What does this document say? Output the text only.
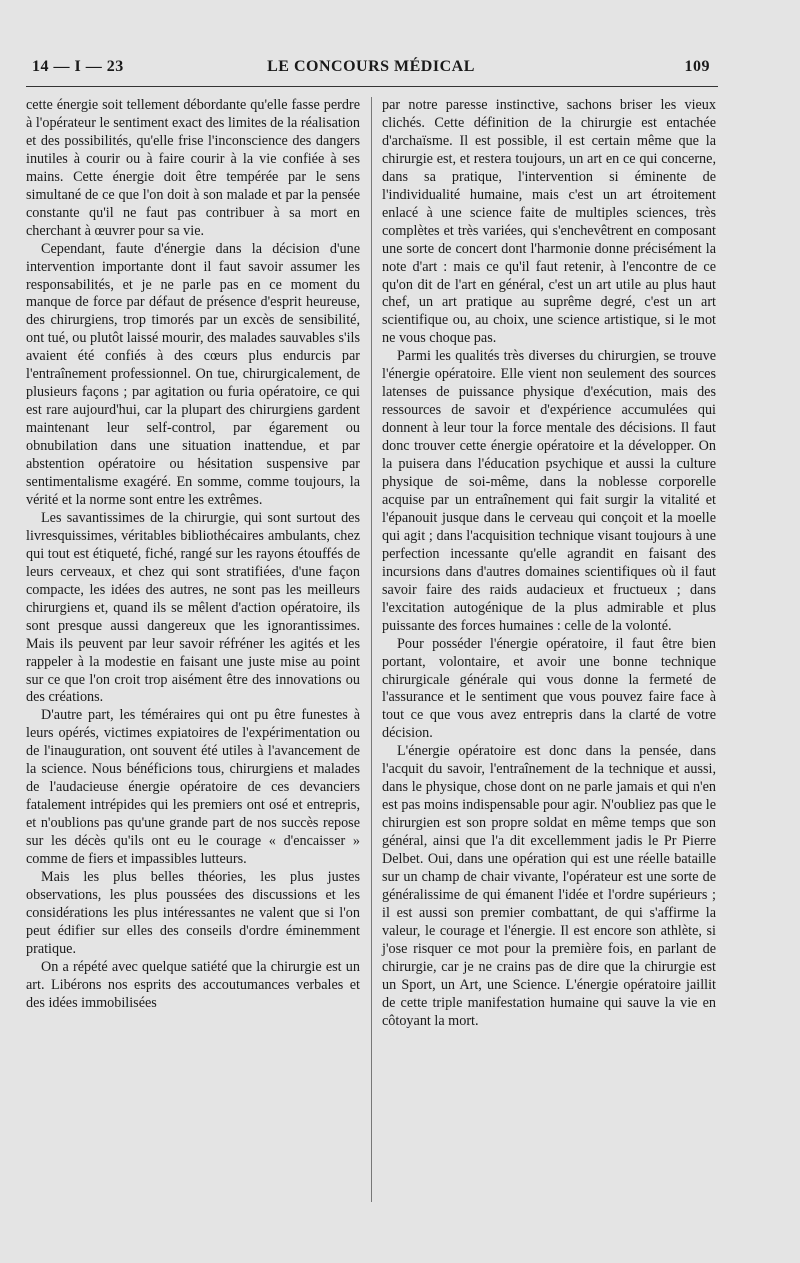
14 — I — 23	LE CONCOURS MÉDICAL	109

cette énergie soit tellement débordante qu'elle fasse perdre à l'opérateur le sentiment exact des limites de la réalisation et des possibilités, qu'elle frise l'inconscience des dangers inutiles à courir ou à faire courir à la vie confiée à ses mains. Cette énergie doit être tempérée par le sens simultané de ce que l'on doit à son malade et par la pensée constante qu'il ne faut pas contribuer à sa mort en cherchant à œuvrer pour sa vie.

Cependant, faute d'énergie dans la décision d'une intervention importante dont il faut savoir assumer les responsabilités, et je ne parle pas en ce moment du manque de force par défaut de présence d'esprit heureuse, des chirurgiens, trop timorés par un excès de sensibilité, ont tué, ou plutôt laissé mourir, des malades sauvables s'ils avaient été confiés à des cœurs plus endurcis par l'entraînement professionnel. On tue, chirurgicalement, de plusieurs façons ; par agitation ou furia opératoire, ce qui est rare aujourd'hui, car la plupart des chirurgiens gardent maintenant leur self-control, par égarement ou obnubilation dans une situation inattendue, et par abstention opératoire ou hésitation suspensive par sentimentalisme exagéré. En somme, comme toujours, la vérité et la norme sont entre les extrêmes.

Les savantissimes de la chirurgie, qui sont surtout des livresquissimes, véritables bibliothécaires ambulants, chez qui tout est étiqueté, fiché, rangé sur les rayons étouffés de leurs cerveaux, et chez qui sont stratifiées, d'une façon compacte, les idées des autres, ne sont pas les meilleurs chirurgiens et, quand ils se mêlent d'action opératoire, ils sont presque aussi dangereux que les ignorantissimes. Mais ils peuvent par leur savoir réfréner les agités et les rappeler à la modestie en faisant une juste mise au point sur ce que l'on croit trop aisément être des innovations ou des créations.

D'autre part, les téméraires qui ont pu être funestes à leurs opérés, victimes expiatoires de l'expérimentation ou de l'inauguration, ont souvent été utiles à l'avancement de la science. Nous bénéficions tous, chirurgiens et malades de l'audacieuse énergie opératoire de ces devanciers fatalement intrépides qui les premiers ont osé et entrepris, et n'oublions pas qu'une grande part de nos succès repose sur les décès qu'ils ont eu le courage « d'encaisser » comme de fiers et impassibles lutteurs.

Mais les plus belles théories, les plus justes observations, les plus poussées des discussions et les considérations les plus intéressantes ne valent que si l'on peut édifier sur elles des conseils d'ordre éminemment pratique.

On a répété avec quelque satiété que la chirurgie est un art. Libérons nos esprits des accoutumances verbales et des idées immobilisées

par notre paresse instinctive, sachons briser les vieux clichés. Cette définition de la chirurgie est entachée d'archaïsme. Il est possible, il est certain même que la chirurgie est, et restera toujours, un art en ce qui concerne, dans sa pratique, l'intervention si éminente de l'individualité humaine, mais c'est un art étroitement enlacé à une science faite de multiples sciences, très complètes et très variées, qui s'enchevêtrent en composant une sorte de concert dont l'harmonie donne précisément la note d'art : mais ce qu'il faut retenir, à l'encontre de ce qu'on dit de l'art en général, c'est un art utile au plus haut chef, un art pratique au suprême degré, c'est un art scientifique ou, au choix, une science artistique, si le mot ne vous choque pas.

Parmi les qualités très diverses du chirurgien, se trouve l'énergie opératoire. Elle vient non seulement des sources latenses de puissance physique d'exécution, mais des ressources de savoir et d'expérience accumulées qui donnent à leur tour la force mentale des décisions. Il faut donc trouver cette énergie opératoire et la développer. On la puisera dans l'éducation psychique et aussi la culture physique de soi-même, dans la noblesse corporelle acquise par un entraînement qui fait surgir la vitalité et l'épanouit jusque dans le cerveau qui conçoit et la moelle qui agit ; dans l'acquisition technique visant toujours à une perfection incessante qu'elle agrandit en faisant des incursions dans d'autres domaines scientifiques où il faut savoir faire des raids audacieux et fructueux ; dans l'excitation autogénique de la plus admirable et plus puissante des forces humaines : celle de la volonté.

Pour posséder l'énergie opératoire, il faut être bien portant, volontaire, et avoir une bonne technique chirurgicale générale qui vous donne la fermeté de l'assurance et le sentiment que vous pouvez faire face à tout ce que vous avez entrepris dans la clarté de votre décision.

L'énergie opératoire est donc dans la pensée, dans l'acquit du savoir, l'entraînement de la technique et aussi, dans le physique, chose dont on ne parle jamais et qui n'en est pas moins indispensable pour agir. N'oubliez pas que le chirurgien est son propre soldat en même temps que son général, ainsi que l'a dit excellemment jadis le Pr Pierre Delbet. Oui, dans une opération qui est une réelle bataille sur un champ de chair vivante, l'opérateur est une sorte de généralissime de qui émanent l'idée et l'ordre supérieurs ; il est aussi son premier combattant, de qui s'affirme la valeur, le courage et l'énergie. Il est encore son athlète, si j'ose risquer ce mot pour la première fois, en parlant de chirurgie, car je ne crains pas de dire que la chirurgie est un Sport, un Art, une Science. L'énergie opératoire jaillit de cette triple manifestation humaine qui sauve la vie en côtoyant la mort.
